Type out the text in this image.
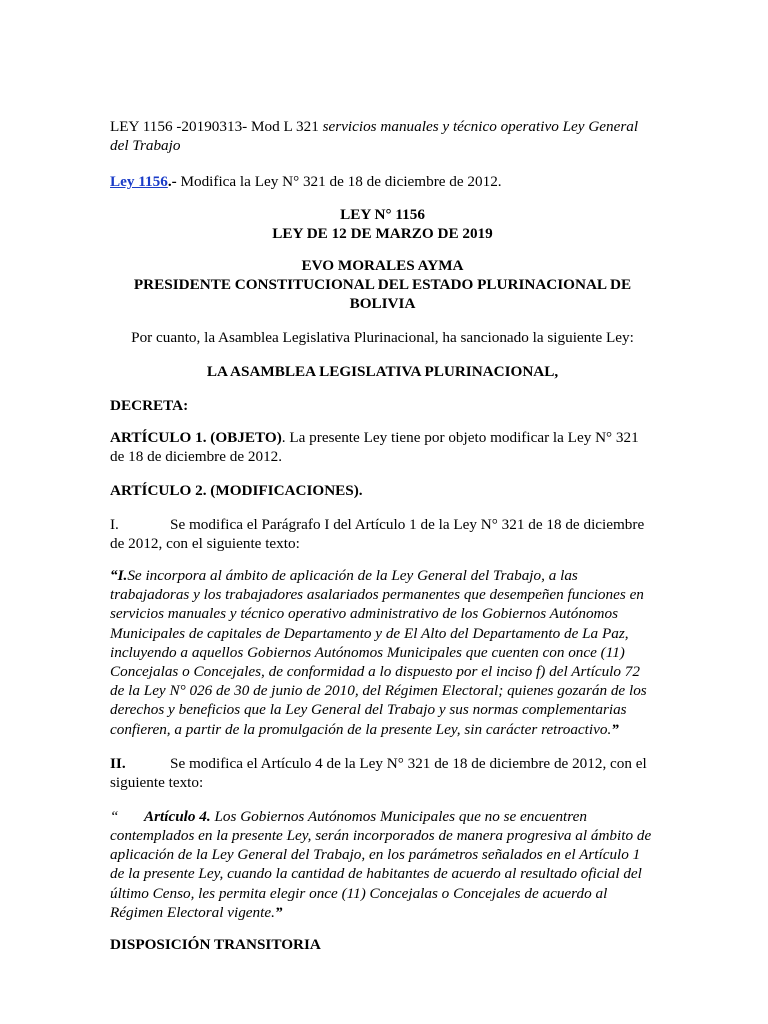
LEY 1156 -20190313- Mod L 321 servicios manuales y técnico operativo Ley General del Trabajo

Ley 1156.- Modifica la Ley N° 321 de 18 de diciembre de 2012.

LEY N° 1156

LEY DE 12 DE MARZO DE 2019

EVO MORALES AYMA

PRESIDENTE CONSTITUCIONAL DEL ESTADO PLURINACIONAL DE BOLIVIA

Por cuanto, la Asamblea Legislativa Plurinacional, ha sancionado la siguiente Ley:

LA ASAMBLEA LEGISLATIVA PLURINACIONAL,

DECRETA:

ARTÍCULO 1. (OBJETO). La presente Ley tiene por objeto modificar la Ley N° 321 de 18 de diciembre de 2012.

ARTÍCULO 2. (MODIFICACIONES).

I.	Se modifica el Parágrafo I del Artículo 1 de la Ley N° 321 de 18 de diciembre de 2012, con el siguiente texto:

“I.Se incorpora al ámbito de aplicación de la Ley General del Trabajo, a las trabajadoras y los trabajadores asalariados permanentes que desempeñen funciones en servicios manuales y técnico operativo administrativo de los Gobiernos Autónomos Municipales de capitales de Departamento y de El Alto del Departamento de La Paz, incluyendo a aquellos Gobiernos Autónomos Municipales que cuenten con once (11) Concejalas o Concejales, de conformidad a lo dispuesto por el inciso f) del Artículo 72 de la Ley N° 026 de 30 de junio de 2010, del Régimen Electoral; quienes gozarán de los derechos y beneficios que la Ley General del Trabajo y sus normas complementarias confieren, a partir de la promulgación de la presente Ley, sin carácter retroactivo.”

II.	Se modifica el Artículo 4 de la Ley N° 321 de 18 de diciembre de 2012, con el siguiente texto:

“ Artículo 4. Los Gobiernos Autónomos Municipales que no se encuentren contemplados en la presente Ley, serán incorporados de manera progresiva al ámbito de aplicación de la Ley General del Trabajo, en los parámetros señalados en el Artículo 1 de la presente Ley, cuando la cantidad de habitantes de acuerdo al resultado oficial del último Censo, les permita elegir once (11) Concejalas o Concejales de acuerdo al Régimen Electoral vigente.”

DISPOSICIÓN TRANSITORIA
